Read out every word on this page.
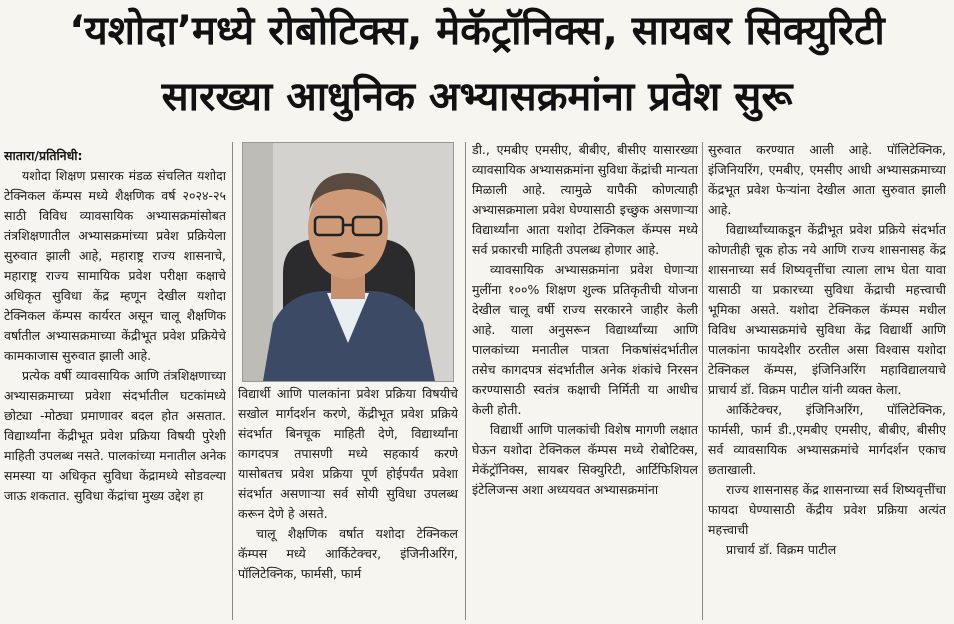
‘यशोदा’मध्ये रोबोटिक्स, मेकॅट्रॉनिक्स, सायबर सिक्युरिटी
सारख्या आधुनिक अभ्यासक्रमांना प्रवेश सुरू

सातारा/प्रतिनिधी:

यशोदा शिक्षण प्रसारक मंडळ संचलित यशोदा टेक्निकल कॅम्पस मध्ये शैक्षणिक वर्ष २०२४-२५ साठी विविध व्यावसायिक अभ्यासक्रमांसोबत तंत्रशिक्षणातील अभ्यासक्रमांच्या प्रवेश प्रक्रियेला सुरुवात झाली आहे, महाराष्ट्र राज्य शासनाचे, महाराष्ट्र राज्य सामायिक प्रवेश परीक्षा कक्षाचे अधिकृत सुविधा केंद्र म्हणून देखील यशोदा टेक्निकल कॅम्पस कार्यरत असून चालू शैक्षणिक वर्षातील अभ्यासक्रमाच्या केंद्रीभूत प्रवेश प्रक्रियेचे कामकाजास सुरुवात झाली आहे.

प्रत्येक वर्षी व्यावसायिक आणि तंत्रशिक्षणाच्या अभ्यासक्रमाच्या प्रवेशा संदर्भातील घटकांमध्ये छोट्या -मोठ्या प्रमाणावर बदल होत असतात. विद्यार्थ्यांना केंद्रीभूत प्रवेश प्रक्रिया विषयी पुरेशी माहिती उपलब्ध नसते. पालकांच्या मनातील अनेक समस्या या अधिकृत सुविधा केंद्रामध्ये सोडवल्या जाऊ शकतात. सुविधा केंद्रांचा मुख्य उद्देश हा

विद्यार्थी आणि पालकांना प्रवेश प्रक्रिया विषयीचे सखोल मार्गदर्शन करणे, केंद्रीभूत प्रवेश प्रक्रिये संदर्भात बिनचूक माहिती देणे, विद्यार्थ्यांना कागदपत्र तपासणी मध्ये सहकार्य करणे यासोबतच प्रवेश प्रक्रिया पूर्ण होईपर्यंत प्रवेशा संदर्भात असणाऱ्या सर्व सोयी सुविधा उपलब्ध करून देणे हे असते.

चालू शैक्षणिक वर्षात यशोदा टेक्निकल कॅम्पस मध्ये आर्किटेक्चर, इंजिनीअरिंग, पॉलिटेक्निक, फार्मसी, फार्म

डी., एमबीए एमसीए, बीबीए, बीसीए यासारख्या व्यावसायिक अभ्यासक्रमांना सुविधा केंद्रांची मान्यता मिळाली आहे. त्यामुळे यापैकी कोणत्याही अभ्यासक्रमाला प्रवेश घेण्यासाठी इच्छुक असणाऱ्या विद्यार्थ्यांना आता यशोदा टेक्निकल कॅम्पस मध्ये सर्व प्रकारची माहिती उपलब्ध होणार आहे.

व्यावसायिक अभ्यासक्रमांना प्रवेश घेणाऱ्या मुलींना १००% शिक्षण शुल्क प्रतिकृतीची योजना देखील चालू वर्षी राज्य सरकारने जाहीर केली आहे. याला अनुसरून विद्यार्थ्यांच्या आणि पालकांच्या मनातील पात्रता निकषांसंदर्भातील तसेच कागदपत्र संदर्भातील अनेक शंकांचे निरसन करण्यासाठी स्वतंत्र कक्षाची निर्मिती या आधीच केली होती.

विद्यार्थी आणि पालकांची विशेष मागणी लक्षात घेऊन यशोदा टेक्निकल कॅम्पस मध्ये रोबोटिक्स, मेकॅट्रॉनिक्स, सायबर सिक्युरिटी, आर्टिफिशियल इंटेलिजन्स अशा अध्ययवत अभ्यासक्रमांना

सुरुवात करण्यात आली आहे. पॉलिटेक्निक, इंजिनियरिंग, एमबीए, एमसीए आधी अभ्यासक्रमाच्या केंद्रभूत प्रवेश फेऱ्यांना देखील आता सुरुवात झाली आहे.

विद्यार्थ्यांच्याकडून केंद्रीभूत प्रवेश प्रक्रिये संदर्भात कोणतीही चूक होऊ नये आणि राज्य शासनासह केंद्र शासनाच्या सर्व शिष्यवृत्तींचा त्याला लाभ घेता यावा यासाठी या प्रकारच्या सुविधा केंद्राची महत्त्वाची भूमिका असते. यशोदा टेक्निकल कॅम्पस मधील विविध अभ्यासक्रमांचे सुविधा केंद्र विद्यार्थी आणि पालकांना फायदेशीर ठरतील असा विश्वास यशोदा टेक्निकल कॅम्पस, इंजिनिअरिंग महाविद्यालयाचे प्राचार्य डॉ. विक्रम पाटील यांनी व्यक्त केला.

आर्किटेक्चर, इंजिनिअरिंग, पॉलिटेक्निक, फार्मसी, फार्म डी.,एमबीए एमसीए, बीबीए, बीसीए सर्व व्यावसायिक अभ्यासक्रमांचे मार्गदर्शन एकाच छताखाली.

राज्य शासनासह केंद्र शासनाच्या सर्व शिष्यवृत्तींचा फायदा घेण्यासाठी केंद्रीय प्रवेश प्रक्रिया अत्यंत महत्त्वाची

प्राचार्य डॉ. विक्रम पाटील
